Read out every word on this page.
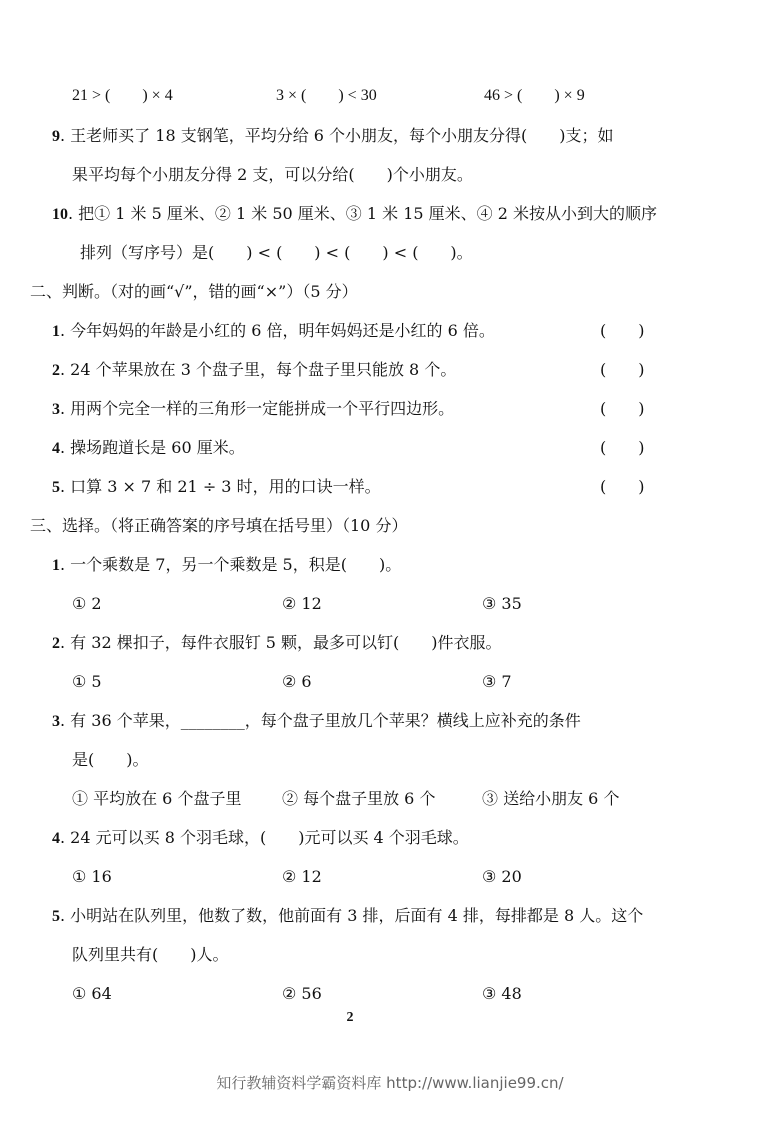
21 > (　　) × 4	3 × (　　) < 30	46 > (　　) × 9
9. 王老师买了 18 支钢笔，平均分给 6 个小朋友，每个小朋友分得(　　)支；如
果平均每个小朋友分得 2 支，可以分给(　　)个小朋友。
10. 把① 1 米 5 厘米、② 1 米 50 厘米、③ 1 米 15 厘米、④ 2 米按从小到大的顺序
排列（写序号）是(　　) < (　　) < (　　) < (　　)。
二、判断。（对的画“√”，错的画“×”）（5 分）
1. 今年妈妈的年龄是小红的 6 倍，明年妈妈还是小红的 6 倍。	(　　)
2. 24 个苹果放在 3 个盘子里，每个盘子里只能放 8 个。	(　　)
3. 用两个完全一样的三角形一定能拼成一个平行四边形。	(　　)
4. 操场跑道长是 60 厘米。	(　　)
5. 口算 3 × 7 和 21 ÷ 3 时，用的口诀一样。	(　　)
三、选择。（将正确答案的序号填在括号里）（10 分）
1. 一个乘数是 7，另一个乘数是 5，积是(　　)。
① 2	② 12	③ 35
2. 有 32 棵扣子，每件衣服钉 5 颗，最多可以钉(　　)件衣服。
① 5	② 6	③ 7
3. 有 36 个苹果，________，每个盘子里放几个苹果？横线上应补充的条件
是(　　)。
① 平均放在 6 个盘子里	② 每个盘子里放 6 个	③ 送给小朋友 6 个
4. 24 元可以买 8 个羽毛球，(　　)元可以买 4 个羽毛球。
① 16	② 12	③ 20
5. 小明站在队列里，他数了数，他前面有 3 排，后面有 4 排，每排都是 8 人。这个
队列里共有(　　)人。
① 64	② 56	③ 48
2
知行教辅资料学霸资料库 http://www.lianjie99.cn/
